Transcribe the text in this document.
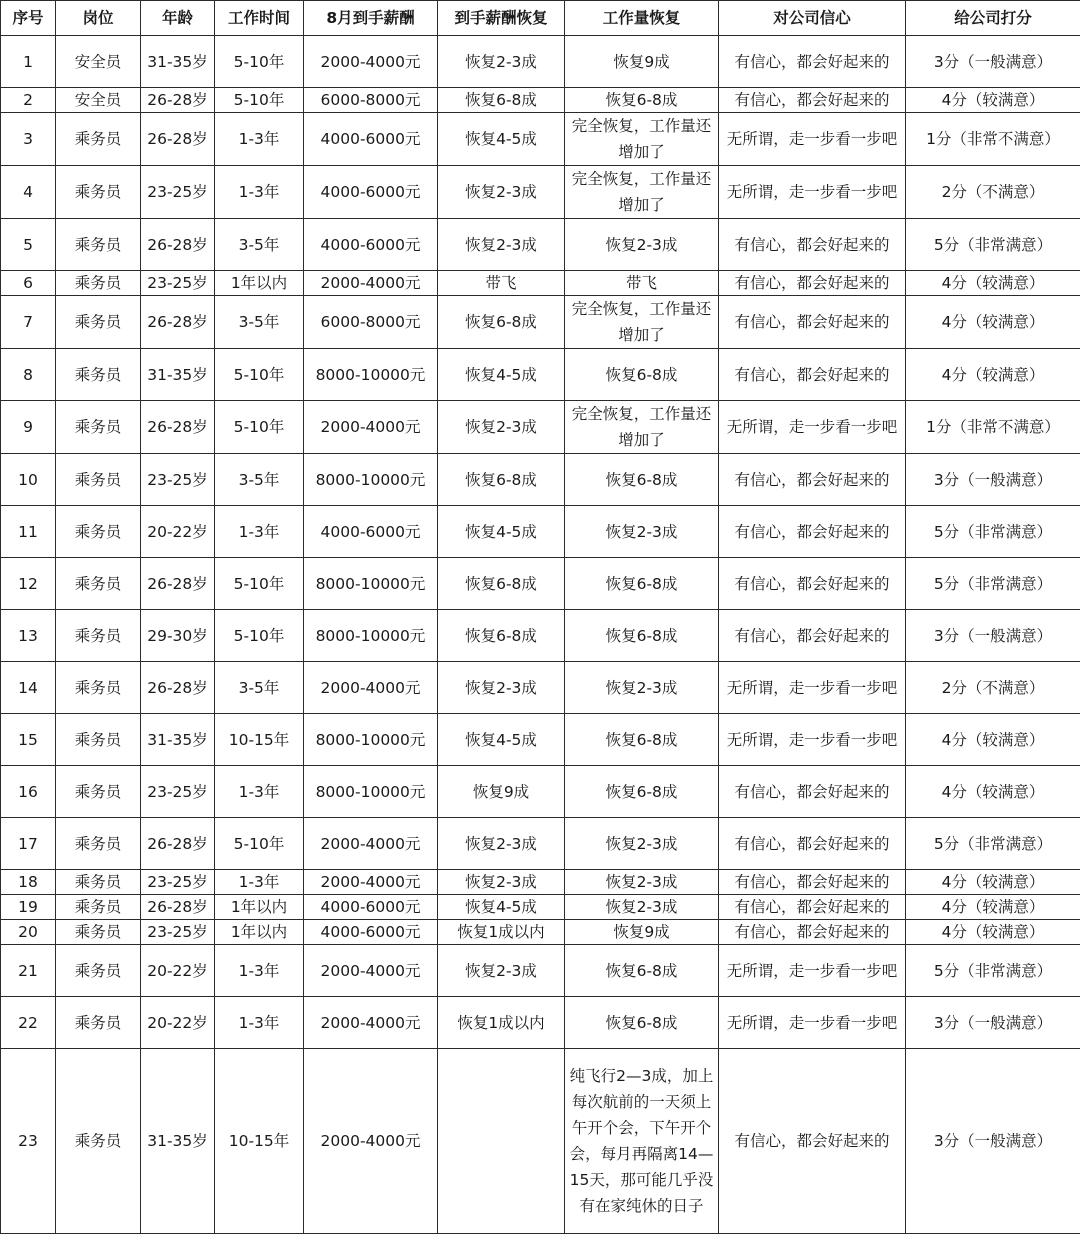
序号	岗位	年龄	工作时间	8月到手薪酬	到手薪酬恢复	工作量恢复	对公司信心	给公司打分
1	安全员	31-35岁	5-10年	2000-4000元	恢复2-3成	恢复9成	有信心，都会好起来的	3分（一般满意）
2	安全员	26-28岁	5-10年	6000-8000元	恢复6-8成	恢复6-8成	有信心，都会好起来的	4分（较满意）
3	乘务员	26-28岁	1-3年	4000-6000元	恢复4-5成	完全恢复，工作量还增加了	无所谓，走一步看一步吧	1分（非常不满意）
4	乘务员	23-25岁	1-3年	4000-6000元	恢复2-3成	完全恢复，工作量还增加了	无所谓，走一步看一步吧	2分（不满意）
5	乘务员	26-28岁	3-5年	4000-6000元	恢复2-3成	恢复2-3成	有信心，都会好起来的	5分（非常满意）
6	乘务员	23-25岁	1年以内	2000-4000元	带飞	带飞	有信心，都会好起来的	4分（较满意）
7	乘务员	26-28岁	3-5年	6000-8000元	恢复6-8成	完全恢复，工作量还增加了	有信心，都会好起来的	4分（较满意）
8	乘务员	31-35岁	5-10年	8000-10000元	恢复4-5成	恢复6-8成	有信心，都会好起来的	4分（较满意）
9	乘务员	26-28岁	5-10年	2000-4000元	恢复2-3成	完全恢复，工作量还增加了	无所谓，走一步看一步吧	1分（非常不满意）
10	乘务员	23-25岁	3-5年	8000-10000元	恢复6-8成	恢复6-8成	有信心，都会好起来的	3分（一般满意）
11	乘务员	20-22岁	1-3年	4000-6000元	恢复4-5成	恢复2-3成	有信心，都会好起来的	5分（非常满意）
12	乘务员	26-28岁	5-10年	8000-10000元	恢复6-8成	恢复6-8成	有信心，都会好起来的	5分（非常满意）
13	乘务员	29-30岁	5-10年	8000-10000元	恢复6-8成	恢复6-8成	有信心，都会好起来的	3分（一般满意）
14	乘务员	26-28岁	3-5年	2000-4000元	恢复2-3成	恢复2-3成	无所谓，走一步看一步吧	2分（不满意）
15	乘务员	31-35岁	10-15年	8000-10000元	恢复4-5成	恢复6-8成	无所谓，走一步看一步吧	4分（较满意）
16	乘务员	23-25岁	1-3年	8000-10000元	恢复9成	恢复6-8成	有信心，都会好起来的	4分（较满意）
17	乘务员	26-28岁	5-10年	2000-4000元	恢复2-3成	恢复2-3成	有信心，都会好起来的	5分（非常满意）
18	乘务员	23-25岁	1-3年	2000-4000元	恢复2-3成	恢复2-3成	有信心，都会好起来的	4分（较满意）
19	乘务员	26-28岁	1年以内	4000-6000元	恢复4-5成	恢复2-3成	有信心，都会好起来的	4分（较满意）
20	乘务员	23-25岁	1年以内	4000-6000元	恢复1成以内	恢复9成	有信心，都会好起来的	4分（较满意）
21	乘务员	20-22岁	1-3年	2000-4000元	恢复2-3成	恢复6-8成	无所谓，走一步看一步吧	5分（非常满意）
22	乘务员	20-22岁	1-3年	2000-4000元	恢复1成以内	恢复6-8成	无所谓，走一步看一步吧	3分（一般满意）
23	乘务员	31-35岁	10-15年	2000-4000元		纯飞行2—3成，加上每次航前的一天须上午开个会，下午开个会，每月再隔离14—15天，那可能几乎没有在家纯休的日子	有信心，都会好起来的	3分（一般满意）
